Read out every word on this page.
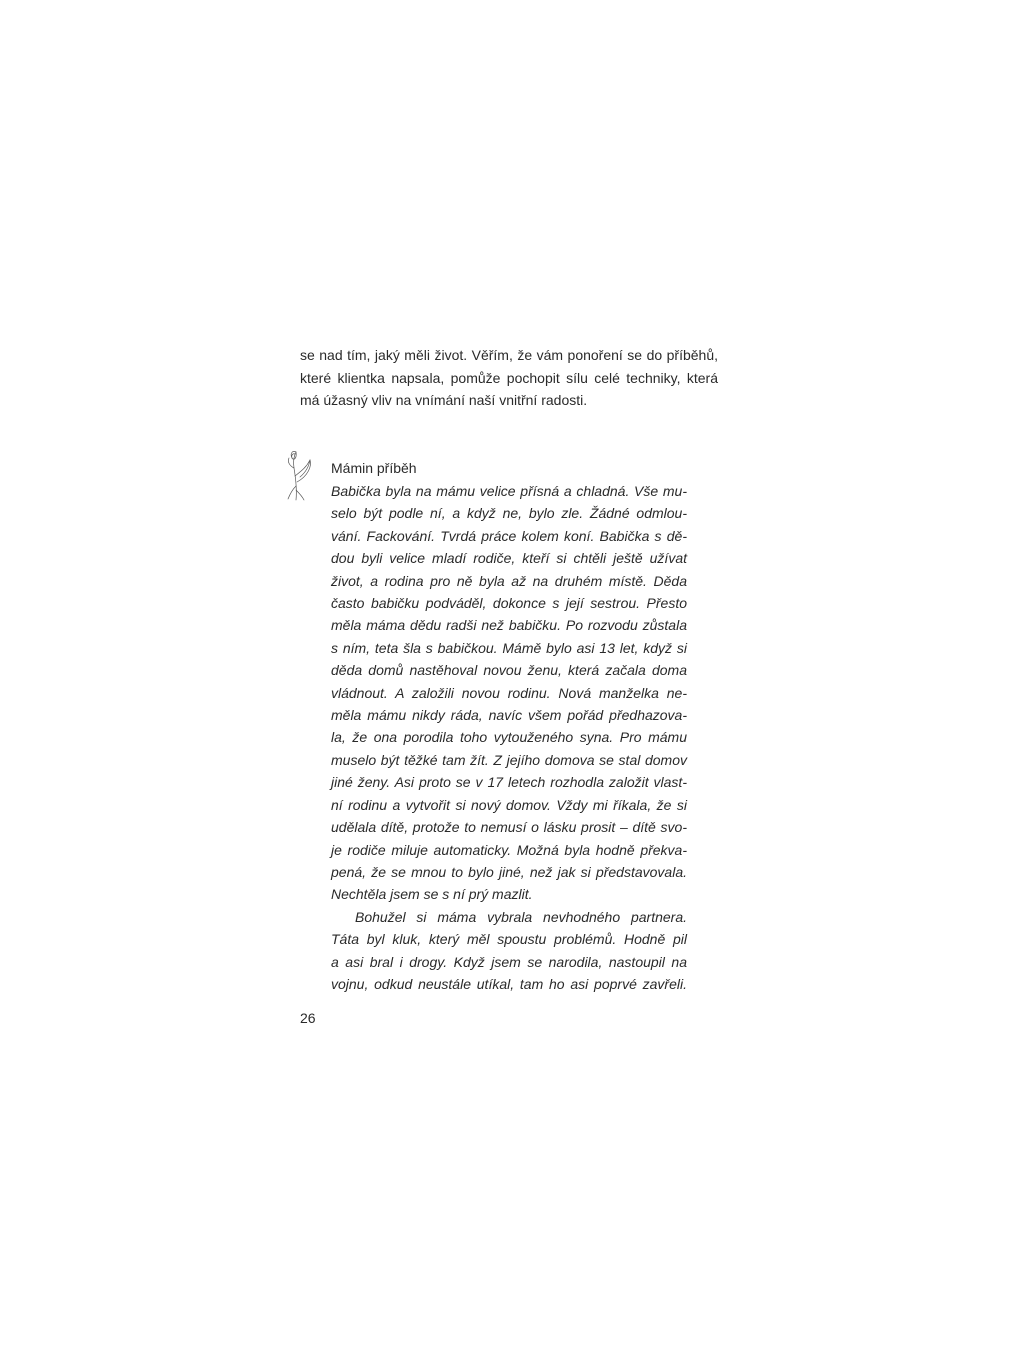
se nad tím, jaký měli život. Věřím, že vám ponoření se do příběhů,
které klientka napsala, pomůže pochopit sílu celé techniky, která
má úžasný vliv na vnímání naší vnitřní radosti.

Mámin příběh
Babička byla na mámu velice přísná a chladná. Vše mu-
selo být podle ní, a když ne, bylo zle. Žádné odmlou-
vání. Fackování. Tvrdá práce kolem koní. Babička s dě-
dou byli velice mladí rodiče, kteří si chtěli ještě užívat
život, a rodina pro ně byla až na druhém místě. Děda
často babičku podváděl, dokonce s její sestrou. Přesto
měla máma dědu radši než babičku. Po rozvodu zůstala
s ním, teta šla s babičkou. Mámě bylo asi 13 let, když si
děda domů nastěhoval novou ženu, která začala doma
vládnout. A založili novou rodinu. Nová manželka ne-
měla mámu nikdy ráda, navíc všem pořád předhazova-
la, že ona porodila toho vytouženého syna. Pro mámu
muselo být těžké tam žít. Z jejího domova se stal domov
jiné ženy. Asi proto se v 17 letech rozhodla založit vlast-
ní rodinu a vytvořit si nový domov. Vždy mi říkala, že si
udělala dítě, protože to nemusí o lásku prosit – dítě svo-
je rodiče miluje automaticky. Možná byla hodně překva-
pená, že se mnou to bylo jiné, než jak si představovala.
Nechtěla jsem se s ní prý mazlit.
Bohužel si máma vybrala nevhodného partnera.
Táta byl kluk, který měl spoustu problémů. Hodně pil
a asi bral i drogy. Když jsem se narodila, nastoupil na
vojnu, odkud neustále utíkal, tam ho asi poprvé zavřeli.
26
